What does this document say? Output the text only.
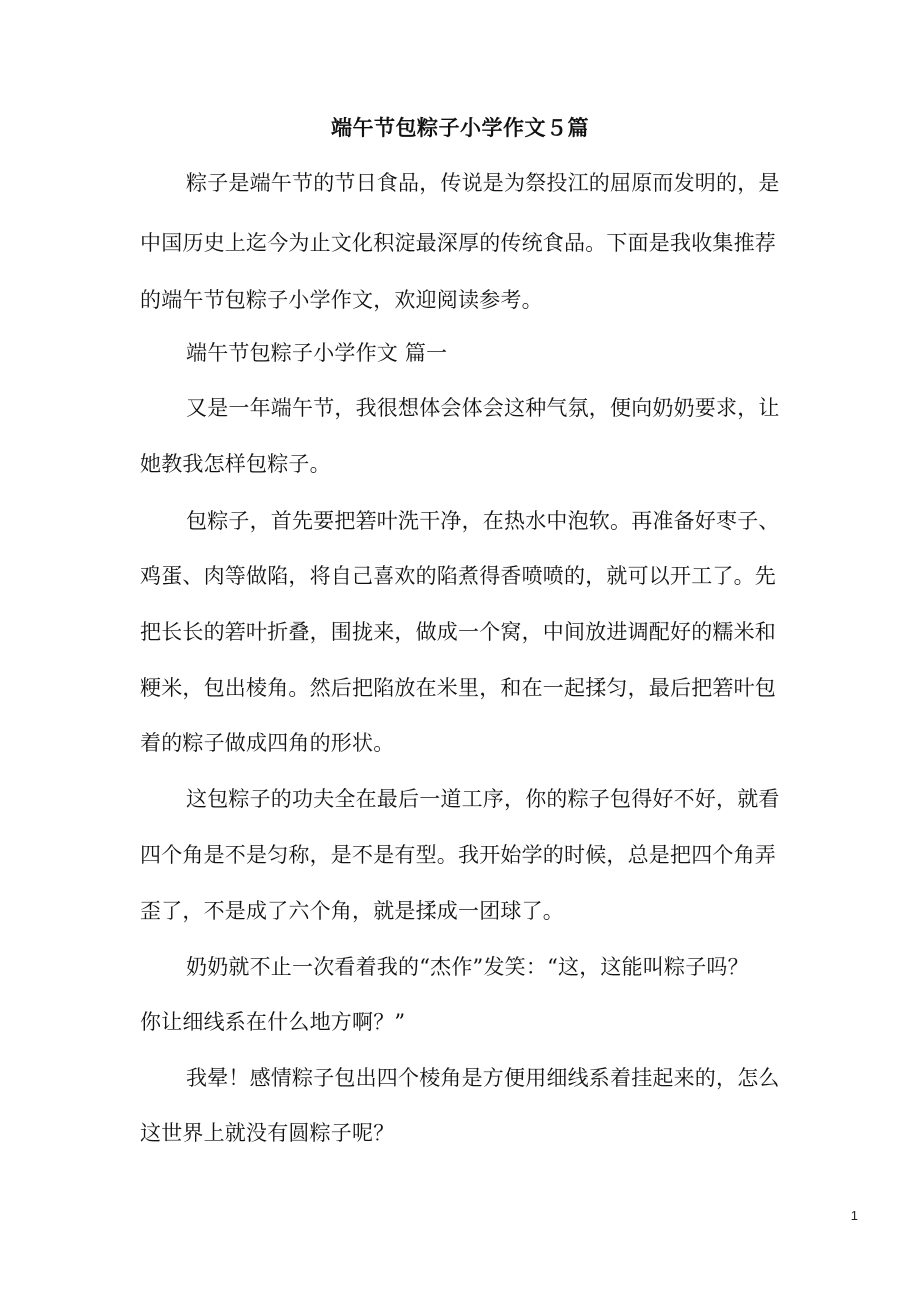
端午节包粽子小学作文５篇
粽子是端午节的节日食品，传说是为祭投江的屈原而发明的，是
中国历史上迄今为止文化积淀最深厚的传统食品。下面是我收集推荐
的端午节包粽子小学作文，欢迎阅读参考。
端午节包粽子小学作文 篇一
又是一年端午节，我很想体会体会这种气氛，便向奶奶要求，让
她教我怎样包粽子。
包粽子，首先要把箬叶洗干净，在热水中泡软。再准备好枣子、
鸡蛋、肉等做陷，将自己喜欢的陷煮得香喷喷的，就可以开工了。先
把长长的箬叶折叠，围拢来，做成一个窝，中间放进调配好的糯米和
粳米，包出棱角。然后把陷放在米里，和在一起揉匀，最后把箬叶包
着的粽子做成四角的形状。
这包粽子的功夫全在最后一道工序，你的粽子包得好不好，就看
四个角是不是匀称，是不是有型。我开始学的时候，总是把四个角弄
歪了，不是成了六个角，就是揉成一团球了。
奶奶就不止一次看着我的“杰作”发笑：“这，这能叫粽子吗？
你让细线系在什么地方啊？”
我晕！感情粽子包出四个棱角是方便用细线系着挂起来的，怎么
这世界上就没有圆粽子呢？
1
